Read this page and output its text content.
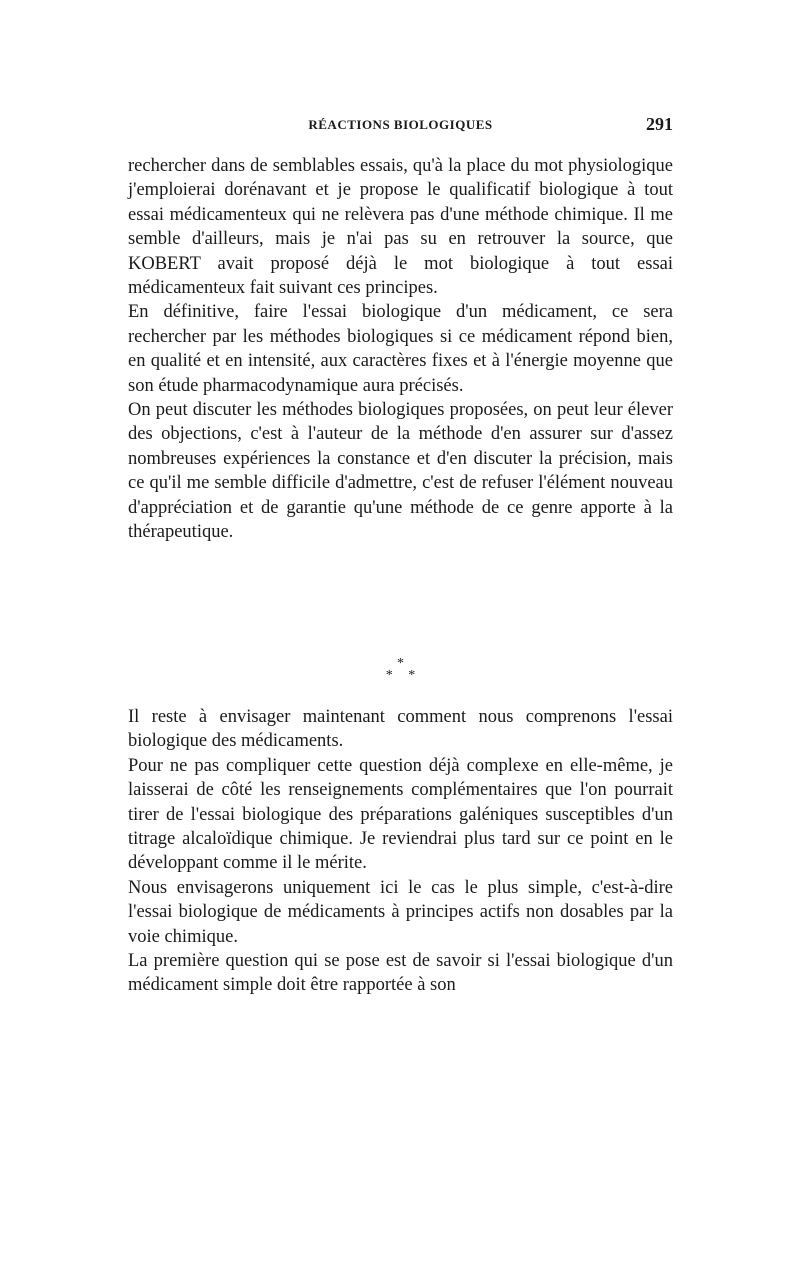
RÉACTIONS BIOLOGIQUES	291

rechercher dans de semblables essais, qu'à la place du mot physiologique j'emploierai dorénavant et je propose le qualificatif biologique à tout essai médicamenteux qui ne relèvera pas d'une méthode chimique. Il me semble d'ailleurs, mais je n'ai pas su en retrouver la source, que KOBERT avait proposé déjà le mot biologique à tout essai médicamenteux fait suivant ces principes.

En définitive, faire l'essai biologique d'un médicament, ce sera rechercher par les méthodes biologiques si ce médicament répond bien, en qualité et en intensité, aux caractères fixes et à l'énergie moyenne que son étude pharmacodynamique aura précisés.

On peut discuter les méthodes biologiques proposées, on peut leur élever des objections, c'est à l'auteur de la méthode d'en assurer sur d'assez nombreuses expériences la constance et d'en discuter la précision, mais ce qu'il me semble difficile d'admettre, c'est de refuser l'élément nouveau d'appréciation et de garantie qu'une méthode de ce genre apporte à la thérapeutique.

*
* *

Il reste à envisager maintenant comment nous comprenons l'essai biologique des médicaments.

Pour ne pas compliquer cette question déjà complexe en elle-même, je laisserai de côté les renseignements complémentaires que l'on pourrait tirer de l'essai biologique des préparations galéniques susceptibles d'un titrage alcaloïdique chimique. Je reviendrai plus tard sur ce point en le développant comme il le mérite.

Nous envisagerons uniquement ici le cas le plus simple, c'est-à-dire l'essai biologique de médicaments à principes actifs non dosables par la voie chimique.

La première question qui se pose est de savoir si l'essai biologique d'un médicament simple doit être rapportée à son
